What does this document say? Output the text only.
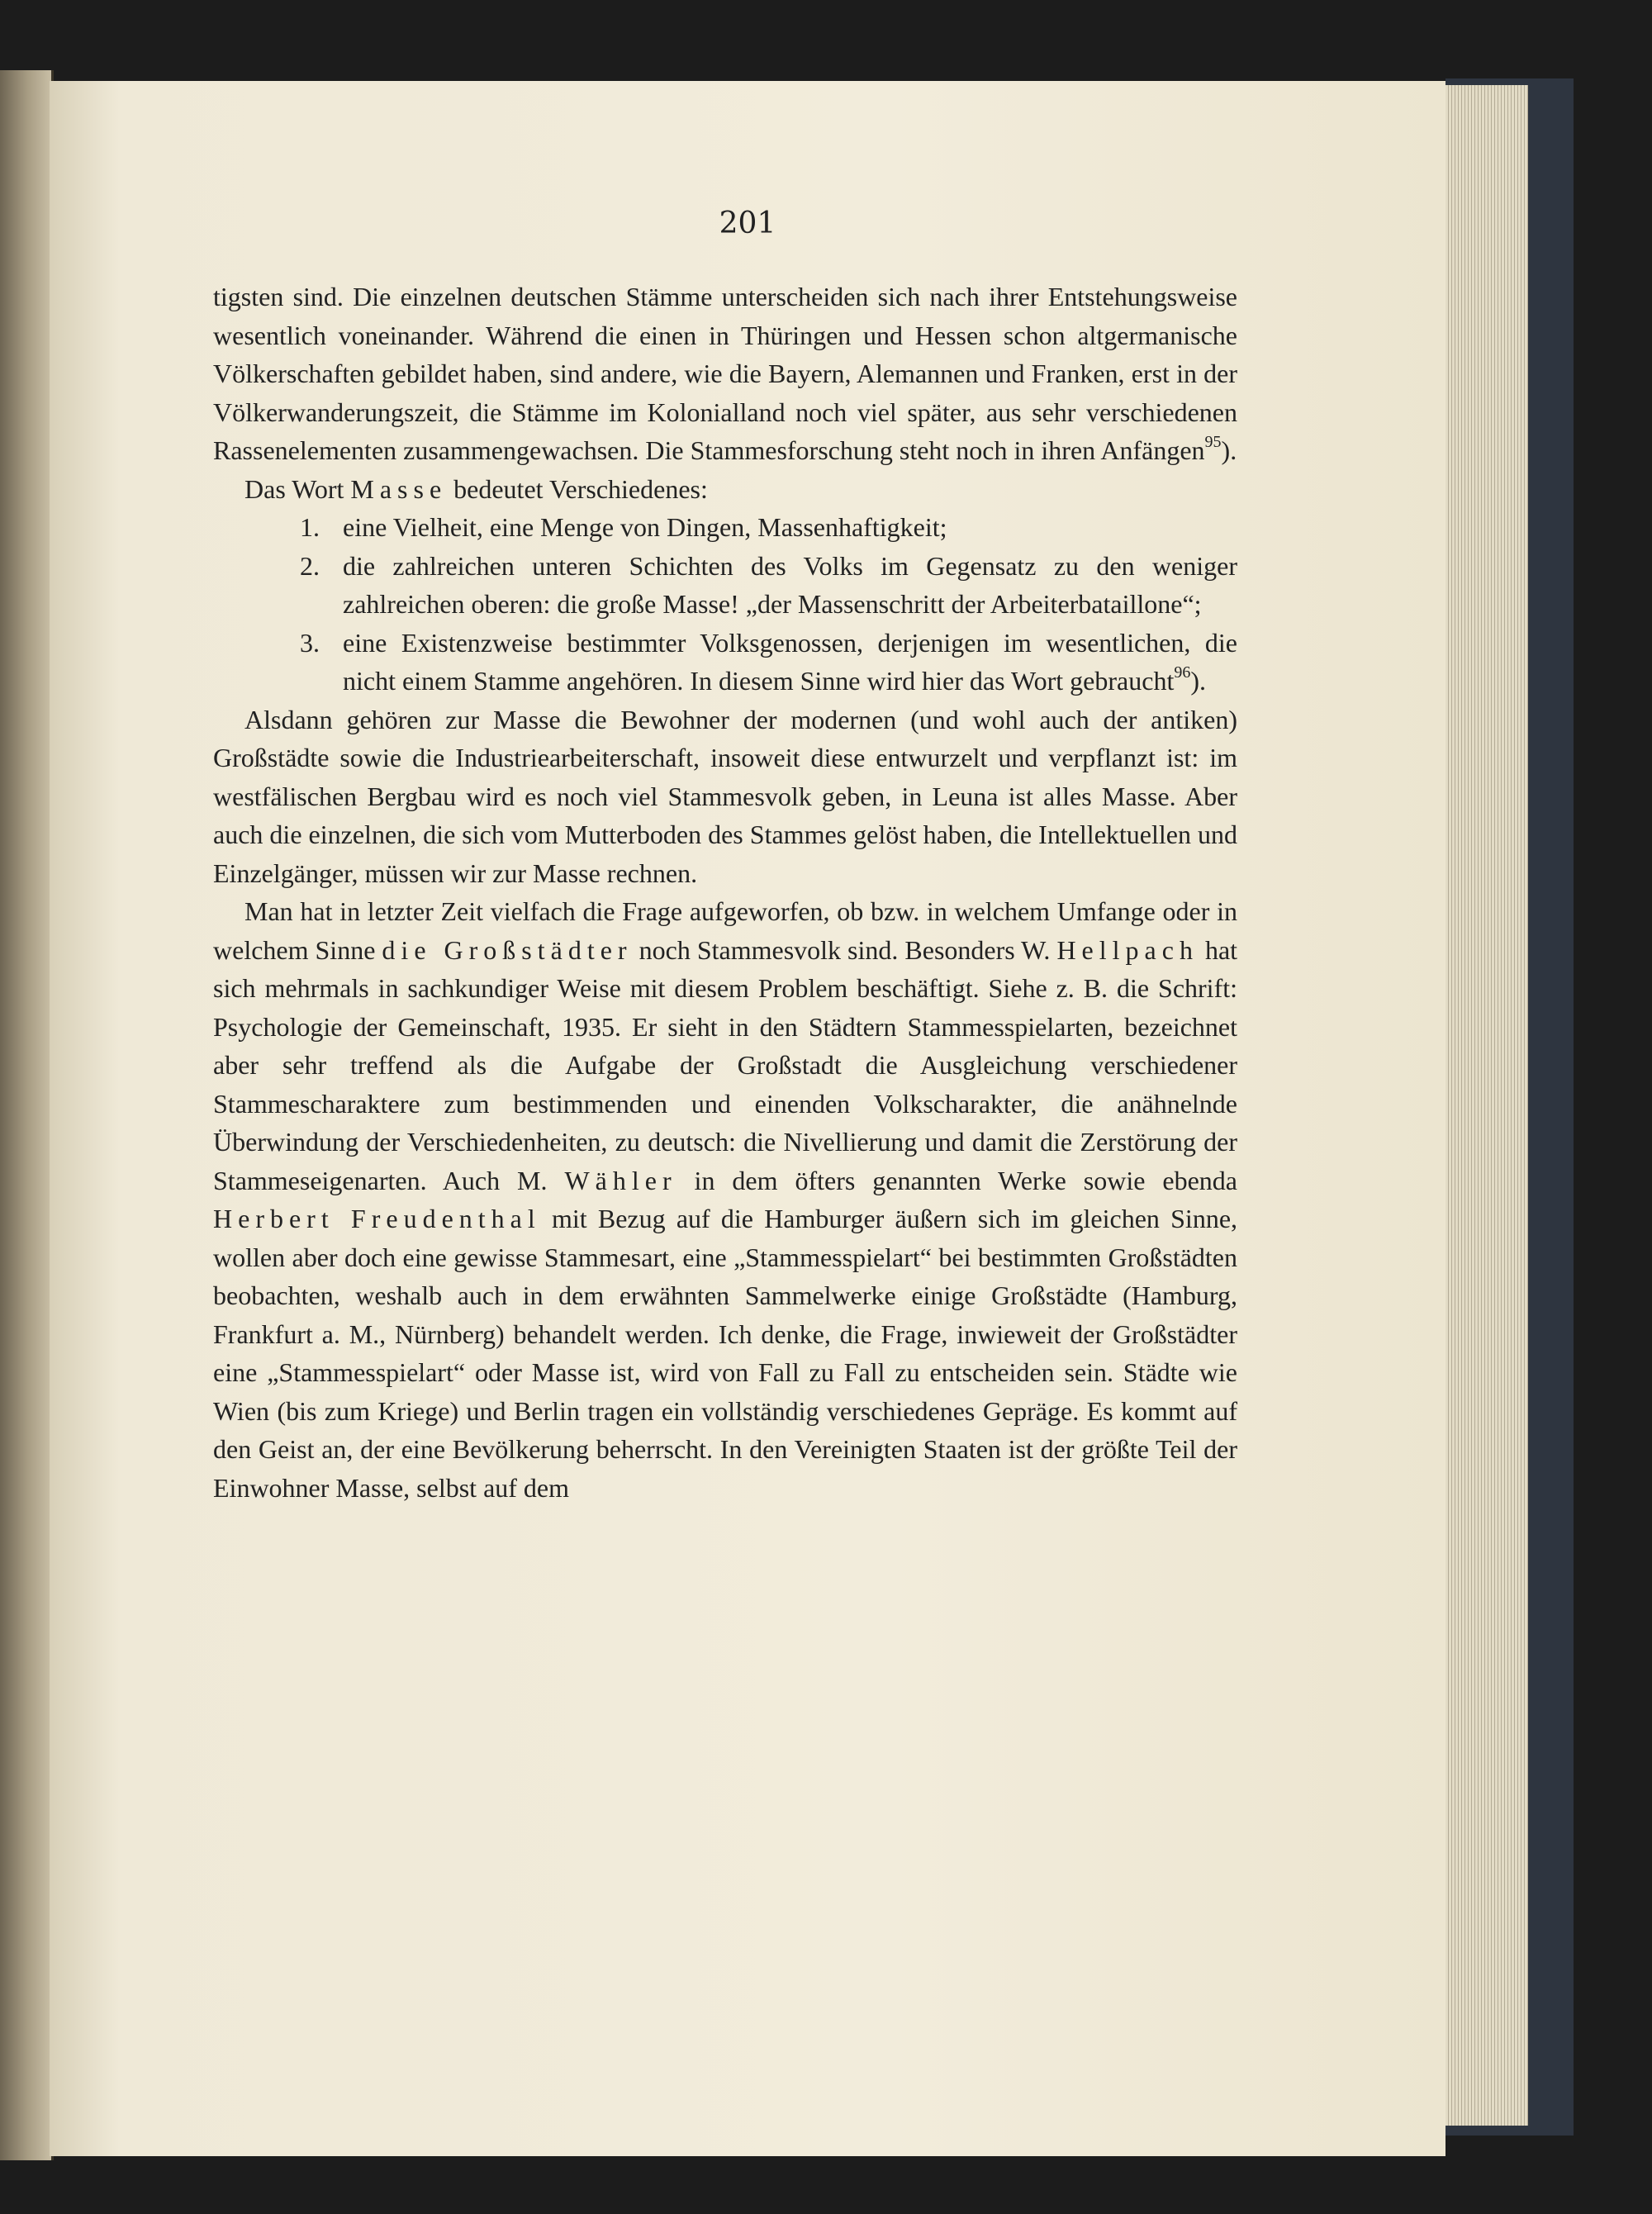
201

tigsten sind. Die einzelnen deutschen Stämme unterscheiden sich nach ihrer Entstehungsweise wesentlich voneinander. Während die einen in Thüringen und Hessen schon altgermanische Völkerschaften gebildet haben, sind andere, wie die Bayern, Alemannen und Franken, erst in der Völkerwanderungszeit, die Stämme im Kolonialland noch viel später, aus sehr verschiedenen Rassenelementen zusammengewachsen. Die Stammesforschung steht noch in ihren Anfängen$^{95}$).

Das Wort Masse bedeutet Verschiedenes:

1. eine Vielheit, eine Menge von Dingen, Massenhaftigkeit;
2. die zahlreichen unteren Schichten des Volks im Gegensatz zu den weniger zahlreichen oberen: die große Masse! „der Massenschritt der Arbeiterbataillone“;
3. eine Existenzweise bestimmter Volksgenossen, derjenigen im wesentlichen, die nicht einem Stamme angehören. In diesem Sinne wird hier das Wort gebraucht$^{96}$).

Alsdann gehören zur Masse die Bewohner der modernen (und wohl auch der antiken) Großstädte sowie die Industriearbeiterschaft, insoweit diese entwurzelt und verpflanzt ist: im westfälischen Bergbau wird es noch viel Stammesvolk geben, in Leuna ist alles Masse. Aber auch die einzelnen, die sich vom Mutterboden des Stammes gelöst haben, die Intellektuellen und Einzelgänger, müssen wir zur Masse rechnen.

Man hat in letzter Zeit vielfach die Frage aufgeworfen, ob bzw. in welchem Umfange oder in welchem Sinne die Großstädter noch Stammesvolk sind. Besonders W. Hellpach hat sich mehrmals in sachkundiger Weise mit diesem Problem beschäftigt. Siehe z. B. die Schrift: Psychologie der Gemeinschaft, 1935. Er sieht in den Städtern Stammesspielarten, bezeichnet aber sehr treffend als die Aufgabe der Großstadt die Ausgleichung verschiedener Stammescharaktere zum bestimmenden und einenden Volkscharakter, die anähnelnde Überwindung der Verschiedenheiten, zu deutsch: die Nivellierung und damit die Zerstörung der Stammeseigenarten. Auch M. Wähler in dem öfters genannten Werke sowie ebenda Herbert Freudenthal mit Bezug auf die Hamburger äußern sich im gleichen Sinne, wollen aber doch eine gewisse Stammesart, eine „Stammesspielart“ bei bestimmten Großstädten beobachten, weshalb auch in dem erwähnten Sammelwerke einige Großstädte (Hamburg, Frankfurt a. M., Nürnberg) behandelt werden. Ich denke, die Frage, inwieweit der Großstädter eine „Stammesspielart“ oder Masse ist, wird von Fall zu Fall zu entscheiden sein. Städte wie Wien (bis zum Kriege) und Berlin tragen ein vollständig verschiedenes Gepräge. Es kommt auf den Geist an, der eine Bevölkerung beherrscht. In den Vereinigten Staaten ist der größte Teil der Einwohner Masse, selbst auf dem
